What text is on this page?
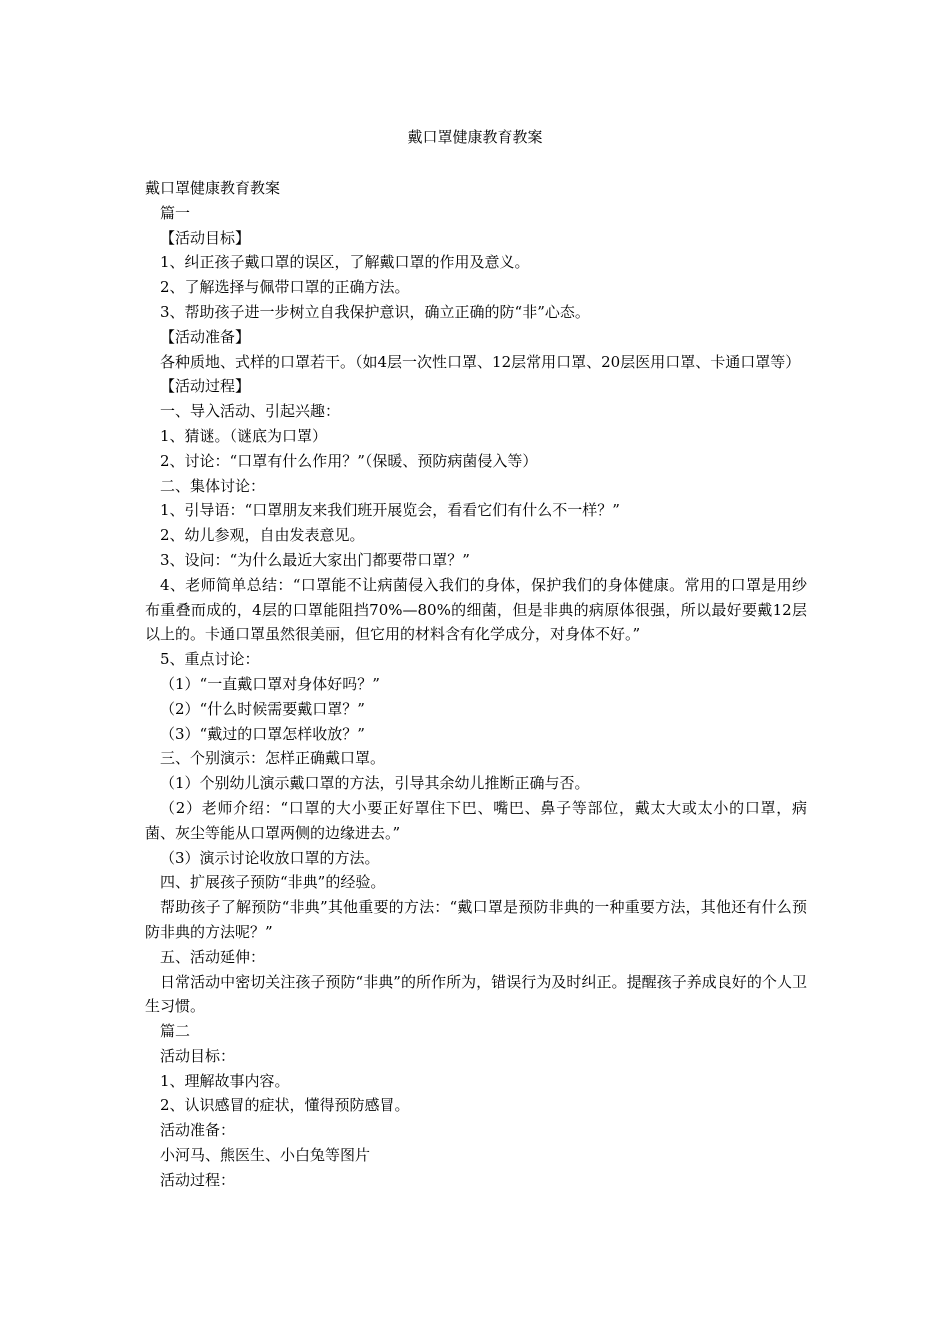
戴口罩健康教育教案

戴口罩健康教育教案

篇一

【活动目标】

1、纠正孩子戴口罩的误区，了解戴口罩的作用及意义。

2、了解选择与佩带口罩的正确方法。

3、帮助孩子进一步树立自我保护意识，确立正确的防“非”心态。

【活动准备】

各种质地、式样的口罩若干。（如4层一次性口罩、12层常用口罩、20层医用口罩、卡通口罩等）

【活动过程】

一、导入活动、引起兴趣：

1、猜谜。（谜底为口罩）

2、讨论：“口罩有什么作用？”（保暖、预防病菌侵入等）

二、集体讨论：

1、引导语：“口罩朋友来我们班开展览会，看看它们有什么不一样？”

2、幼儿参观，自由发表意见。

3、设问：“为什么最近大家出门都要带口罩？”

4、老师简单总结：“口罩能不让病菌侵入我们的身体，保护我们的身体健康。常用的口罩是用纱布重叠而成的，4层的口罩能阻挡70%—80%的细菌，但是非典的病原体很强，所以最好要戴12层以上的。卡通口罩虽然很美丽，但它用的材料含有化学成分，对身体不好。”

5、重点讨论：

（1）“一直戴口罩对身体好吗？”

（2）“什么时候需要戴口罩？”

（3）“戴过的口罩怎样收放？”

三、个别演示：怎样正确戴口罩。

（1）个别幼儿演示戴口罩的方法，引导其余幼儿推断正确与否。

（2）老师介绍：“口罩的大小要正好罩住下巴、嘴巴、鼻子等部位，戴太大或太小的口罩，病菌、灰尘等能从口罩两侧的边缘进去。”

（3）演示讨论收放口罩的方法。

四、扩展孩子预防“非典”的经验。

帮助孩子了解预防“非典”其他重要的方法：“戴口罩是预防非典的一种重要方法，其他还有什么预防非典的方法呢？”

五、活动延伸：

日常活动中密切关注孩子预防“非典”的所作所为，错误行为及时纠正。提醒孩子养成良好的个人卫生习惯。

篇二

活动目标：

1、理解故事内容。

2、认识感冒的症状，懂得预防感冒。

活动准备：

小河马、熊医生、小白兔等图片

活动过程：
